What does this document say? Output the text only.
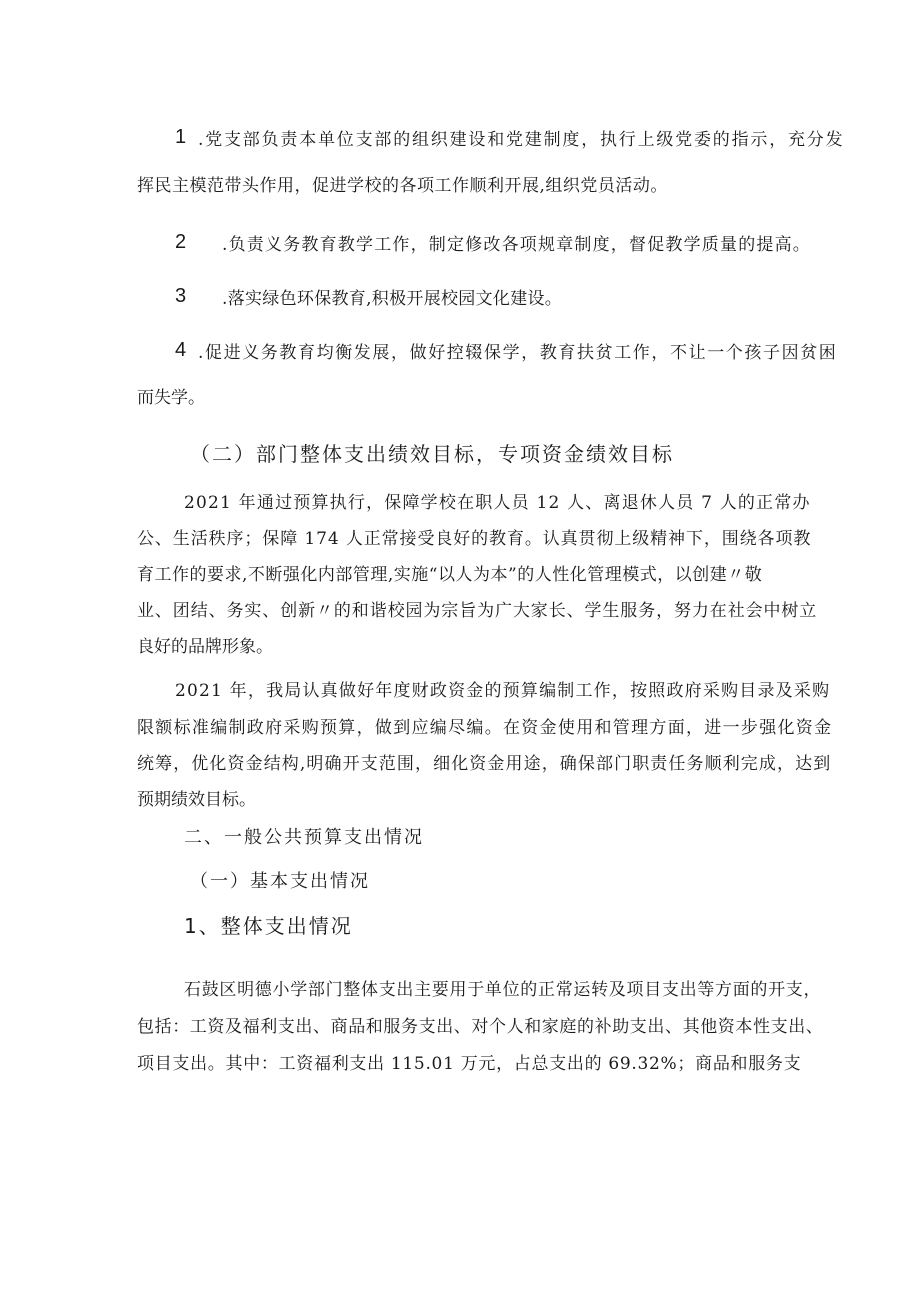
1 .党支部负责本单位支部的组织建设和党建制度，执行上级党委的指示，充分发
挥民主模范带头作用，促进学校的各项工作顺利开展,组织党员活动。
2 .负责义务教育教学工作，制定修改各项规章制度，督促教学质量的提高。
3 .落实绿色环保教育,积极开展校园文化建设。
4 .促进义务教育均衡发展，做好控辍保学，教育扶贫工作，不让一个孩子因贫困
而失学。
（二）部门整体支出绩效目标，专项资金绩效目标
2021 年通过预算执行，保障学校在职人员 12 人、离退休人员 7 人的正常办
公、生活秩序；保障 174 人正常接受良好的教育。认真贯彻上级精神下，围绕各项教
育工作的要求,不断强化内部管理,实施“以人为本”的人性化管理模式，以创建〃敬
业、团结、务实、创新〃的和谐校园为宗旨为广大家长、学生服务，努力在社会中树立
良好的品牌形象。
2021 年，我局认真做好年度财政资金的预算编制工作，按照政府采购目录及采购
限额标准编制政府采购预算，做到应编尽编。在资金使用和管理方面，进一步强化资金
统筹，优化资金结构,明确开支范围，细化资金用途，确保部门职责任务顺利完成，达到
预期绩效目标。
二、一般公共预算支出情况
（一）基本支出情况
1、整体支出情况
石鼓区明德小学部门整体支出主要用于单位的正常运转及项目支出等方面的开支，
包括：工资及福利支出、商品和服务支出、对个人和家庭的补助支出、其他资本性支出、
项目支出。其中：工资福利支出 115.01 万元，占总支出的 69.32%；商品和服务支
